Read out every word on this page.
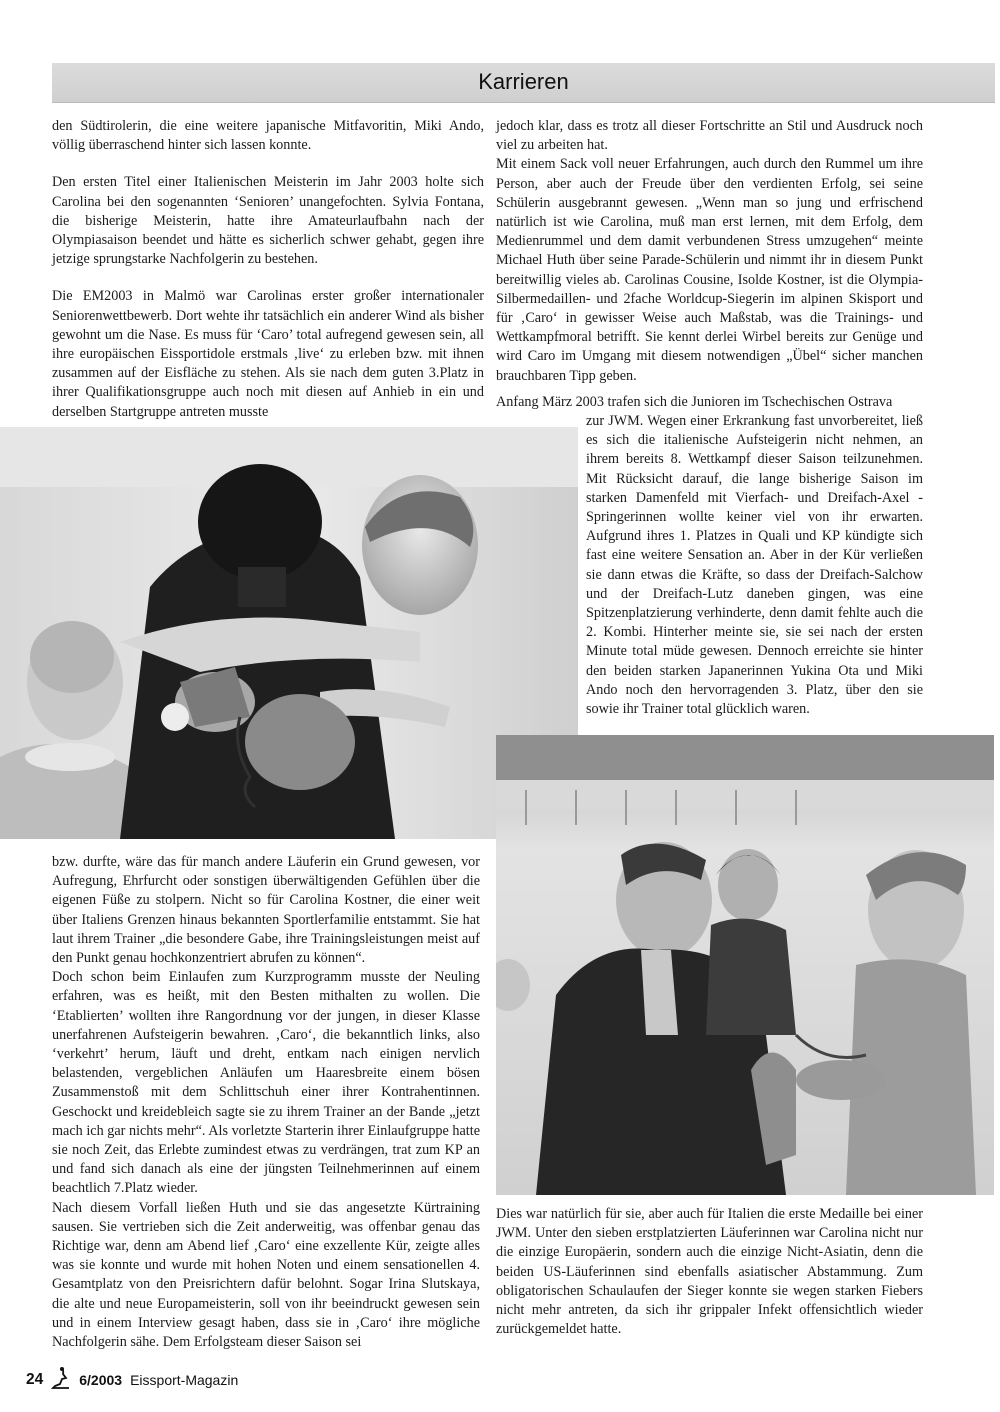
Karrieren

den Südtirolerin, die eine weitere japanische Mitfavoritin, Miki Ando, völlig überraschend hinter sich lassen konnte.

Den ersten Titel einer Italienischen Meisterin im Jahr 2003 holte sich Carolina bei den sogenannten ‘Senioren’ unangefochten. Sylvia Fontana, die bisherige Meisterin, hatte ihre Amateurlaufbahn nach der Olympiasaison beendet und hätte es sicherlich schwer gehabt, gegen ihre jetzige sprungstarke Nachfolgerin zu bestehen.

Die EM2003 in Malmö war Carolinas erster großer internationaler Seniorenwettbewerb. Dort wehte ihr tatsächlich ein anderer Wind als bisher gewohnt um die Nase. Es muss für ‘Caro’ total aufregend gewesen sein, all ihre europäischen Eissportidole erstmals ‚live‘ zu erleben bzw. mit ihnen zusammen auf der Eisfläche zu stehen. Als sie nach dem guten 3.Platz in ihrer Qualifikationsgruppe auch noch mit diesen auf Anhieb in ein und derselben Startgruppe antreten musste

jedoch klar, dass es trotz all dieser Fortschritte an Stil und Ausdruck noch viel zu arbeiten hat.

Mit einem Sack voll neuer Erfahrungen, auch durch den Rummel um ihre Person, aber auch der Freude über den verdienten Erfolg, sei seine Schülerin ausgebrannt gewesen. „Wenn man so jung und erfrischend natürlich ist wie Carolina, muß man erst lernen, mit dem Erfolg, dem Medienrummel und dem damit verbundenen Stress umzugehen“ meinte Michael Huth über seine Parade-Schülerin und nimmt ihr in diesem Punkt bereitwillig vieles ab. Carolinas Cousine, Isolde Kostner, ist die Olympia-Silbermedaillen- und 2fache Worldcup-Siegerin im alpinen Skisport und für ‚Caro‘ in gewisser Weise auch Maßstab, was die Trainings- und Wettkampfmoral betrifft. Sie kennt derlei Wirbel bereits zur Genüge und wird Caro im Umgang mit diesem notwendigen „Übel“ sicher manchen brauchbaren Tipp geben.

Anfang März 2003 trafen sich die Junioren im Tschechischen Ostrava

zur JWM. Wegen einer Erkrankung fast unvorbereitet, ließ es sich die italienische Aufsteigerin nicht nehmen, an ihrem bereits 8. Wettkampf dieser Saison teilzunehmen. Mit Rücksicht darauf, die lange bisherige Saison im starken Damenfeld mit Vierfach- und Dreifach-Axel - Springerinnen wollte keiner viel von ihr erwarten. Aufgrund ihres 1. Platzes in Quali und KP kündigte sich fast eine weitere Sensation an. Aber in der Kür verließen sie dann etwas die Kräfte, so dass der Dreifach-Salchow und der Dreifach-Lutz daneben gingen, was eine Spitzenplatzierung verhinderte, denn damit fehlte auch die 2. Kombi. Hinterher meinte sie, sie sei nach der ersten Minute total müde gewesen. Dennoch erreichte sie hinter den beiden starken Japanerinnen Yukina Ota und Miki Ando noch den hervorragenden 3. Platz, über den sie sowie ihr Trainer total glücklich waren.

bzw. durfte, wäre das für manch andere Läuferin ein Grund gewesen, vor Aufregung, Ehrfurcht oder sonstigen überwältigenden Gefühlen über die eigenen Füße zu stolpern. Nicht so für Carolina Kostner, die einer weit über Italiens Grenzen hinaus bekannten Sportlerfamilie entstammt. Sie hat laut ihrem Trainer „die besondere Gabe, ihre Trainingsleistungen meist auf den Punkt genau hochkonzentriert abrufen zu können“.

Doch schon beim Einlaufen zum Kurzprogramm musste der Neuling erfahren, was es heißt, mit den Besten mithalten zu wollen. Die ‘Etablierten’ wollten ihre Rangordnung vor der jungen, in dieser Klasse unerfahrenen Aufsteigerin bewahren. ‚Caro‘, die bekanntlich links, also ‘verkehrt’ herum, läuft und dreht, entkam nach einigen nervlich belastenden, vergeblichen Anläufen um Haaresbreite einem bösen Zusammenstoß mit dem Schlittschuh einer ihrer Kontrahentinnen. Geschockt und kreidebleich sagte sie zu ihrem Trainer an der Bande „jetzt mach ich gar nichts mehr“. Als vorletzte Starterin ihrer Einlaufgruppe hatte sie noch Zeit, das Erlebte zumindest etwas zu verdrängen, trat zum KP an und fand sich danach als eine der jüngsten Teilnehmerinnen auf einem beachtlich 7.Platz wieder.

Nach diesem Vorfall ließen Huth und sie das angesetzte Kürtraining sausen. Sie vertrieben sich die Zeit anderweitig, was offenbar genau das Richtige war, denn am Abend lief ‚Caro‘ eine exzellente Kür, zeigte alles was sie konnte und wurde mit hohen Noten und einem sensationellen 4. Gesamtplatz von den Preisrichtern dafür belohnt. Sogar Irina Slutskaya, die alte und neue Europameisterin, soll von ihr beeindruckt gewesen sein und in einem Interview gesagt haben, dass sie in ‚Caro‘ ihre mögliche Nachfolgerin sähe. Dem Erfolgsteam dieser Saison sei

Dies war natürlich für sie, aber auch für Italien die erste Medaille bei einer JWM. Unter den sieben erstplatzierten Läuferinnen war Carolina nicht nur die einzige Europäerin, sondern auch die einzige Nicht-Asiatin, denn die beiden US-Läuferinnen sind ebenfalls asiatischer Abstammung. Zum obligatorischen Schaulaufen der Sieger konnte sie wegen starken Fiebers nicht mehr antreten, da sich ihr grippaler Infekt offensichtlich wieder zurückgemeldet hatte.

24	6/2003 Eissport-Magazin
